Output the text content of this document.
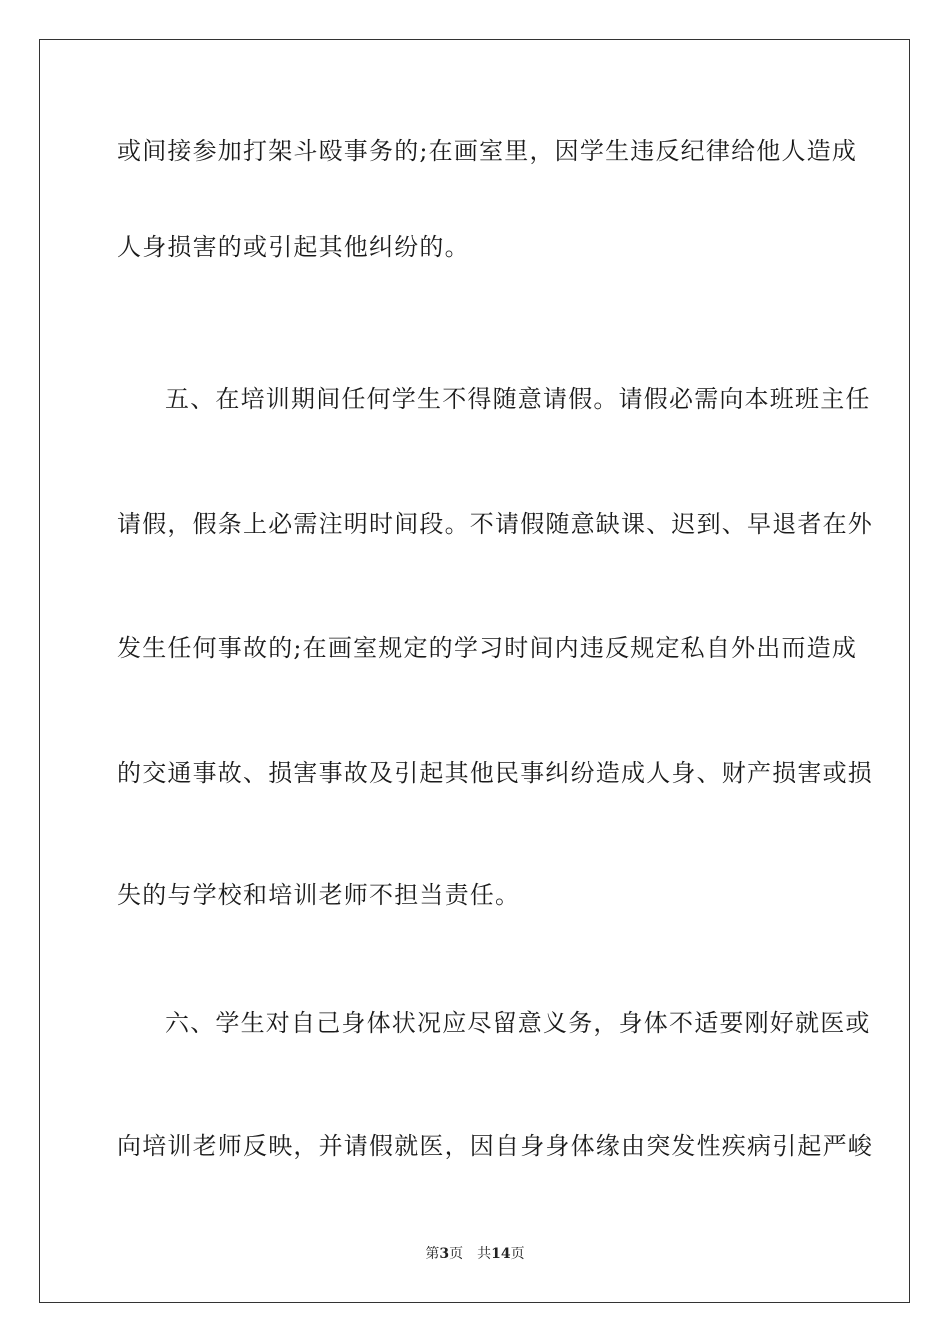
或间接参加打架斗殴事务的;在画室里，因学生违反纪律给他人造成
人身损害的或引起其他纠纷的。
五、在培训期间任何学生不得随意请假。请假必需向本班班主任
请假，假条上必需注明时间段。不请假随意缺课、迟到、早退者在外
发生任何事故的;在画室规定的学习时间内违反规定私自外出而造成
的交通事故、损害事故及引起其他民事纠纷造成人身、财产损害或损
失的与学校和培训老师不担当责任。
六、学生对自己身体状况应尽留意义务，身体不适要刚好就医或
向培训老师反映，并请假就医，因自身身体缘由突发性疾病引起严峻
第3页 共14页
